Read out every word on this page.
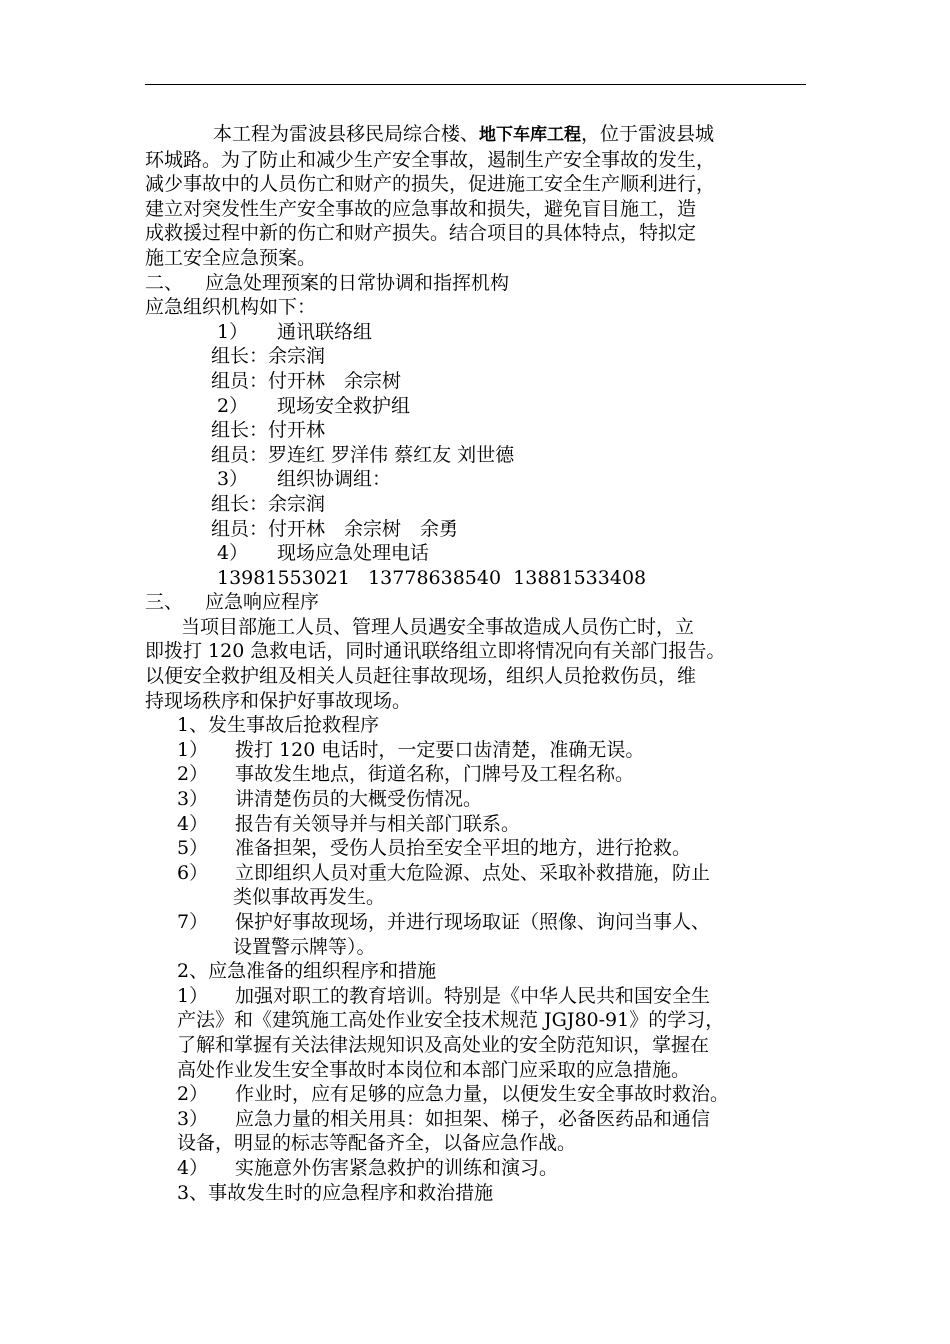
本工程为雷波县移民局综合楼、地下车库工程，位于雷波县城
环城路。为了防止和减少生产安全事故，遏制生产安全事故的发生，
减少事故中的人员伤亡和财产的损失，促进施工安全生产顺利进行，
建立对突发性生产安全事故的应急事故和损失，避免盲目施工，造
成救援过程中新的伤亡和财产损失。结合项目的具体特点，特拟定
施工安全应急预案。
二、 应急处理预案的日常协调和指挥机构
应急组织机构如下：
1） 通讯联络组
组长：余宗润
组员：付开林　余宗树
2） 现场安全救护组
组长：付开林
组员：罗连红 罗洋伟 蔡红友 刘世德
3） 组织协调组：
组长：余宗润
组员：付开林　余宗树　余勇
4） 现场应急处理电话
13981553021   13778638540  13881533408
三、 应急响应程序
当项目部施工人员、管理人员遇安全事故造成人员伤亡时，立
即拨打 120 急救电话，同时通讯联络组立即将情况向有关部门报告。
以便安全救护组及相关人员赶往事故现场，组织人员抢救伤员，维
持现场秩序和保护好事故现场。
1、发生事故后抢救程序
1） 拨打 120 电话时，一定要口齿清楚，准确无误。
2） 事故发生地点，街道名称，门牌号及工程名称。
3） 讲清楚伤员的大概受伤情况。
4） 报告有关领导并与相关部门联系。
5） 准备担架，受伤人员抬至安全平坦的地方，进行抢救。
6） 立即组织人员对重大危险源、点处、采取补救措施，防止
类似事故再发生。
7） 保护好事故现场，并进行现场取证（照像、询问当事人、
设置警示牌等）。
2、应急准备的组织程序和措施
1） 加强对职工的教育培训。特别是《中华人民共和国安全生
产法》和《建筑施工高处作业安全技术规范 JGJ80-91》的学习，
了解和掌握有关法律法规知识及高处业的安全防范知识，掌握在
高处作业发生安全事故时本岗位和本部门应采取的应急措施。
2） 作业时，应有足够的应急力量，以便发生安全事故时救治。
3） 应急力量的相关用具：如担架、梯子，必备医药品和通信
设备，明显的标志等配备齐全，以备应急作战。
4） 实施意外伤害紧急救护的训练和演习。
3、事故发生时的应急程序和救治措施
